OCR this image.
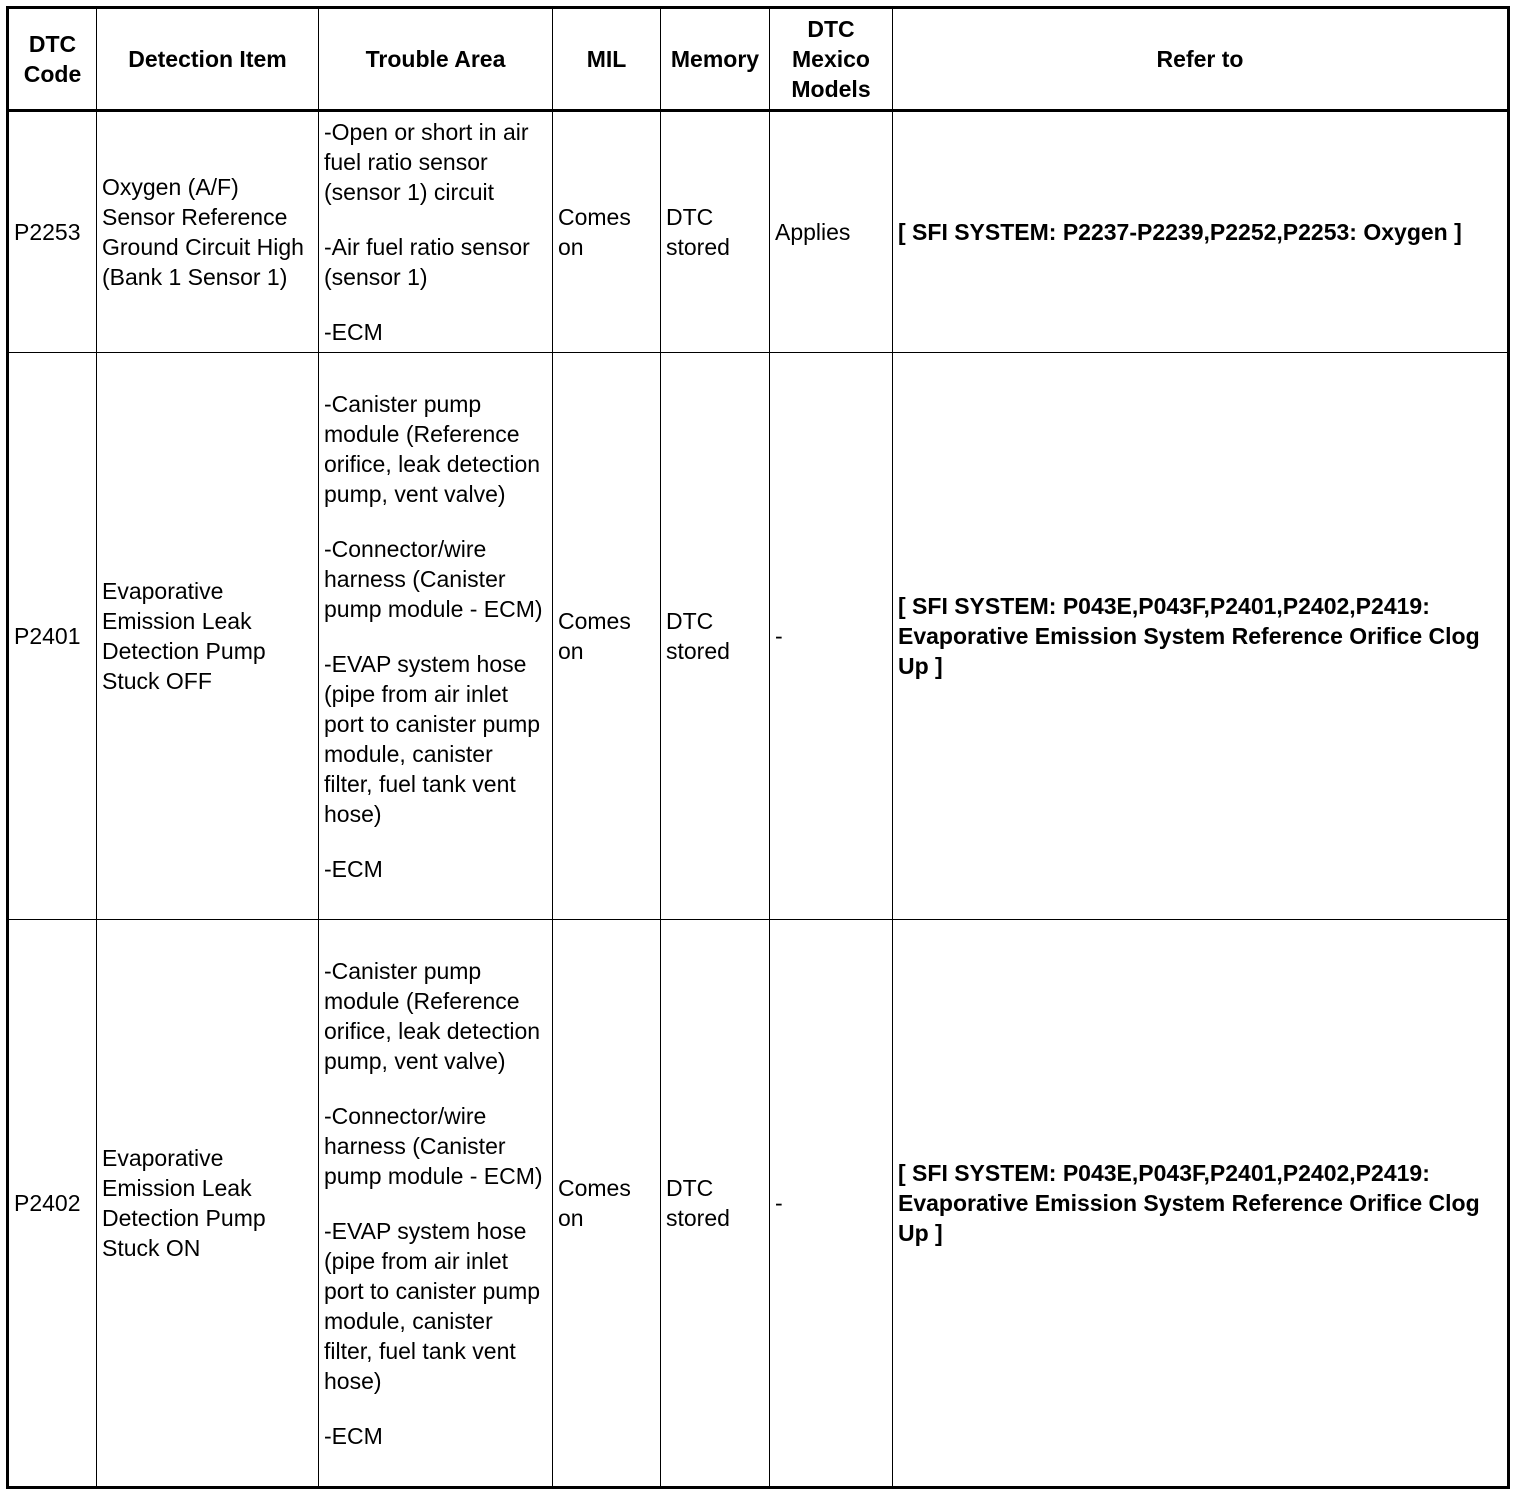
DTC Code	Detection Item	Trouble Area	MIL	Memory	DTC Mexico Models	Refer to
P2253	Oxygen (A/F) Sensor Reference Ground Circuit High (Bank 1 Sensor 1)	-Open or short in air fuel ratio sensor (sensor 1) circuit
-Air fuel ratio sensor (sensor 1)
-ECM	Comes on	DTC stored	Applies	[ SFI SYSTEM: P2237-P2239,P2252,P2253: Oxygen ]
P2401	Evaporative Emission Leak Detection Pump Stuck OFF	-Canister pump module (Reference orifice, leak detection pump, vent valve)
-Connector/wire harness (Canister pump module - ECM)
-EVAP system hose (pipe from air inlet port to canister pump module, canister filter, fuel tank vent hose)
-ECM	Comes on	DTC stored	-	[ SFI SYSTEM: P043E,P043F,P2401,P2402,P2419: Evaporative Emission System Reference Orifice Clog Up ]
P2402	Evaporative Emission Leak Detection Pump Stuck ON	-Canister pump module (Reference orifice, leak detection pump, vent valve)
-Connector/wire harness (Canister pump module - ECM)
-EVAP system hose (pipe from air inlet port to canister pump module, canister filter, fuel tank vent hose)
-ECM	Comes on	DTC stored	-	[ SFI SYSTEM: P043E,P043F,P2401,P2402,P2419: Evaporative Emission System Reference Orifice Clog Up ]
